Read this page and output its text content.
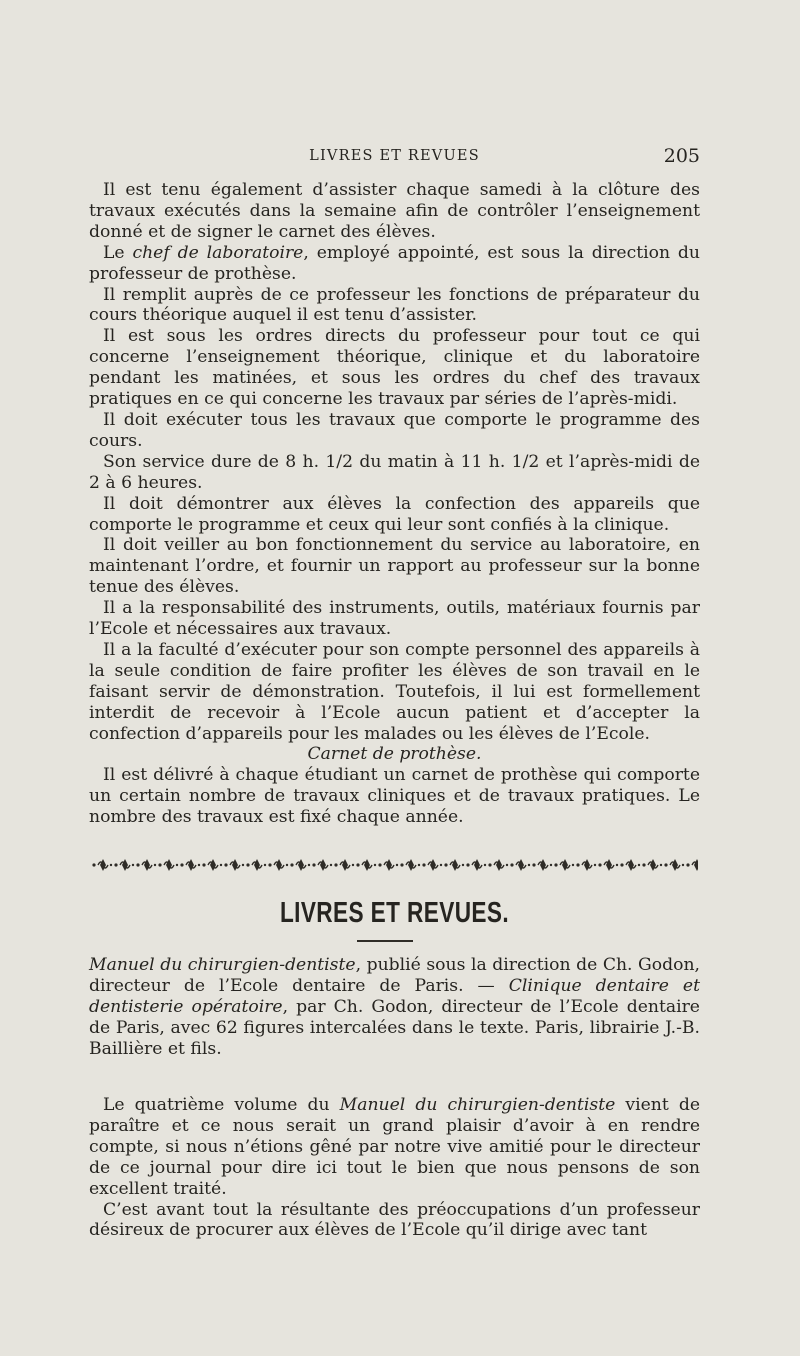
LIVRES ET REVUES	205

Il est tenu également d’assister chaque samedi à la clôture des travaux exécutés dans la semaine afin de contrôler l’enseignement donné et de signer le carnet des élèves.

Le chef de laboratoire, employé appointé, est sous la direction du professeur de prothèse.

Il remplit auprès de ce professeur les fonctions de préparateur du cours théorique auquel il est tenu d’assister.

Il est sous les ordres directs du professeur pour tout ce qui concerne l’enseignement théorique, clinique et du laboratoire pendant les matinées, et sous les ordres du chef des travaux pratiques en ce qui concerne les travaux par séries de l’après-midi.

Il doit exécuter tous les travaux que comporte le programme des cours.

Son service dure de 8 h. 1/2 du matin à 11 h. 1/2 et l’après-midi de 2 à 6 heures.

Il doit démontrer aux élèves la confection des appareils que comporte le programme et ceux qui leur sont confiés à la clinique.

Il doit veiller au bon fonctionnement du service au laboratoire, en maintenant l’ordre, et fournir un rapport au professeur sur la bonne tenue des élèves.

Il a la responsabilité des instruments, outils, matériaux fournis par l’Ecole et nécessaires aux travaux.

Il a la faculté d’exécuter pour son compte personnel des appareils à la seule condition de faire profiter les élèves de son travail en le faisant servir de démonstration. Toutefois, il lui est formellement interdit de recevoir à l’Ecole aucun patient et d’accepter la confection d’appareils pour les malades ou les élèves de l’Ecole.

Carnet de prothèse.

Il est délivré à chaque étudiant un carnet de prothèse qui comporte un certain nombre de travaux cliniques et de travaux pratiques. Le nombre des travaux est fixé chaque année.

LIVRES ET REVUES.

Manuel du chirurgien-dentiste, publié sous la direction de Ch. Godon, directeur de l’Ecole dentaire de Paris. — Clinique dentaire et dentisterie opératoire, par Ch. Godon, directeur de l’Ecole dentaire de Paris, avec 62 figures intercalées dans le texte. Paris, librairie J.-B. Baillière et fils.

Le quatrième volume du Manuel du chirurgien-dentiste vient de paraître et ce nous serait un grand plaisir d’avoir à en rendre compte, si nous n’étions gêné par notre vive amitié pour le directeur de ce journal pour dire ici tout le bien que nous pensons de son excellent traité.

C’est avant tout la résultante des préoccupations d’un professeur désireux de procurer aux élèves de l’Ecole qu’il dirige avec tant
